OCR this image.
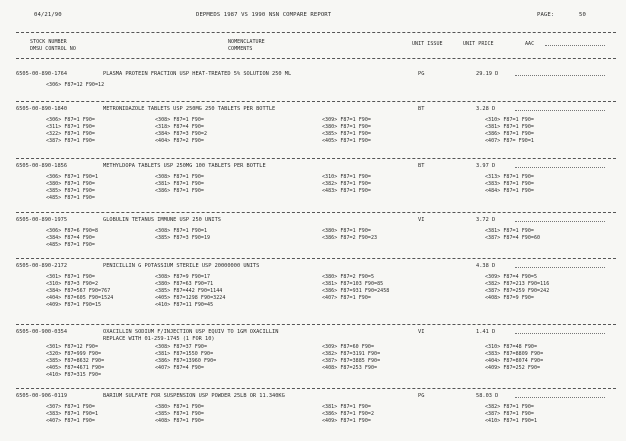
04/21/90	DEPMEDS 1987 VS 1990 NSN COMPARE REPORT	PAGE:	50
STOCK NUMBER
DMSU CONTROL NO
NOMENCLATURE
COMMENTS
UNIT ISSUE	UNIT PRICE	AAC
6505-00-890-1764	PLASMA PROTEIN FRACTION USP HEAT-TREATED 5% SOLUTION 250 ML	PG	29.19 D
<306> F87=12 F90=12
6505-00-890-1840	METRONIDAZOLE TABLETS USP 250MG 250 TABLETS PER BOTTLE	BT	3.28 D
<306> F87=1 F90=	<308> F87=1 F90=	<309> F87=1 F90=	<310> F87=1 F90=
<311> F87=1 F90=	<318> F87=4 F90=	<380> F87=1 F90=	<381> F87=1 F90=
<322> F87=1 F90=	<384> F87=3 F90=2	<385> F87=1 F90=	<386> F87=1 F90=
<387> F87=1 F90=	<404> F87=2 F90=	<405> F87=1 F90=	<407> F87= F90=1
6505-00-890-1856	METHYLDOPA TABLETS USP 250MG 100 TABLETS PER BOTTLE	BT	3.97 D
<306> F87=1 F90=1	<308> F87=1 F90=	<310> F87=1 F90=	<313> F87=1 F90=
<380> F87=1 F90=	<381> F87=1 F90=	<382> F87=1 F90=	<383> F87=1 F90=
<385> F87=1 F90=	<386> F87=1 F90=	<483> F87=1 F90=	<484> F87=1 F90=
<485> F87=1 F90=
6505-00-890-1975	GLOBULIN TETANUS IMMUNE USP 250 UNITS	VI	3.72 D
<306> F87=6 F90=8	<308> F87=1 F90=1	<380> F87=1 F90=	<381> F87=1 F90=
<384> F87=4 F90=	<385> F87=3 F90=19	<386> F87=2 F90=23	<387> F87=4 F90=60
<485> F87=1 F90=
6505-00-890-2172	PENICILLIN G POTASSIUM STERILE USP 20000000 UNITS	4.38 D
<301> F87=1 F90=	<308> F87=9 F90=17	<380> F87=2 F90=5	<309> F87=4 F90=5
<310> F87=3 F90=2	<380> F87=63 F90=71	<381> F87=103 F90=85	<382> F87=213 F90=116
<384> F87=567 F90=767	<385> F87=442 F90=1144	<386> F87=931 F90=2458	<387> F87=259 F90=242
<404> F87=605 F90=1524	<405> F87=1298 F90=3224	<407> F87=1 F90=	<408> F87=9 F90=
<409> F87=1 F90=15	<410> F87=11 F90=45
6505-00-900-0354	OXACILLIN SODIUM F/INJECTION USP EQUIV TO 1GM OXACILLIN
REPLACE WITH 01-259-1745 (1 FOR 10)
VI	1.41 D
<301> F87=12 F90=	<308> F87=37 F90=	<309> F87=60 F90=	<310> F87=48 F90=
<320> F87=999 F90=	<381> F87=1550 F90=	<382> F87=3191 F90=	<383> F87=8809 F90=
<385> F87=8632 F90=	<386> F87=13960 F90=	<387> F87=3885 F90=	<404> F87=8074 F90=
<405> F87=4671 F90=	<407> F87=4 F90=	<408> F87=253 F90=	<409> F87=252 F90=
<410> F87=315 F90=
6505-00-906-0119	BARIUM SULFATE FOR SUSPENSION USP POWDER 25LB OR 11.340KG	PG	58.03 D
<307> F87=1 F90=	<380> F87=1 F90=	<381> F87=1 F90=	<382> F87=1 F90=
<383> F87=1 F90=1	<385> F87=1 F90=	<386> F87=1 F90=2	<387> F87=1 F90=
<407> F87=1 F90=	<408> F87=1 F90=	<409> F87=1 F90=	<410> F87=1 F90=1
